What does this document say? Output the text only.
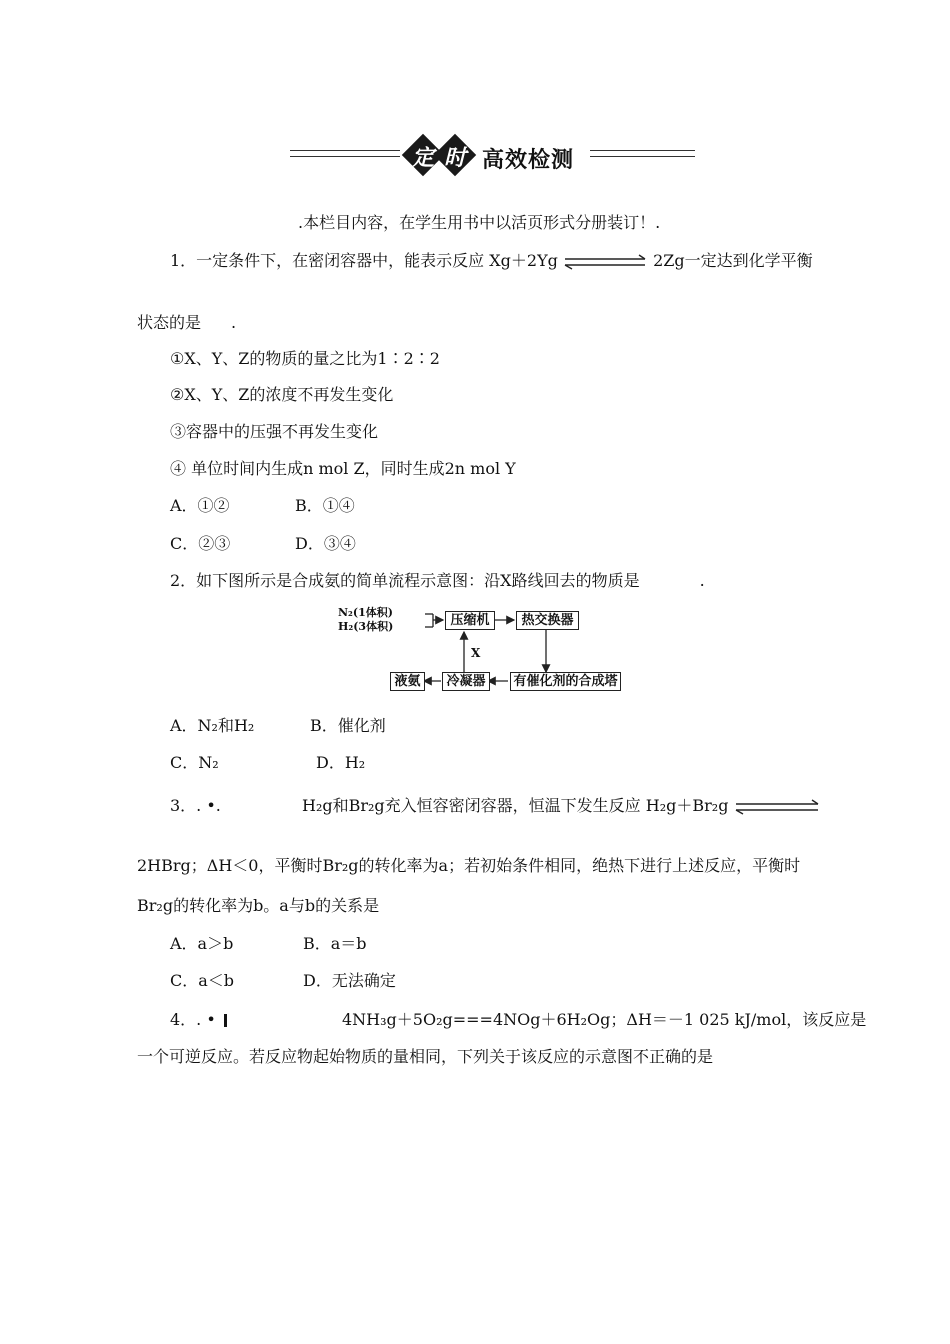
定 时 高效检测
.本栏目内容，在学生用书中以活页形式分册装订！.
1．一定条件下，在密闭容器中，能表示反应 Xg＋2Yg	2Zg一定达到化学平衡
状态的是 .
①X、Y、Z的物质的量之比为1∶2∶2
②X、Y、Z的浓度不再发生变化
③容器中的压强不再发生变化
④ 单位时间内生成n mol Z，同时生成2n mol Y
A．①②	B．①④
C．②③	D．③④
2．如下图所示是合成氨的简单流程示意图：沿X路线回去的物质是	.
N₂(1体积)
H₂(3体积)	压缩机	热交换器
有催化剂的合成塔
冷凝器
液氨
X
A．N₂和H₂	B．催化剂
C．N₂	D．H₂
3．. •.	H₂g和Br₂g充入恒容密闭容器，恒温下发生反应 H₂g＋Br₂g
2HBrg；ΔH＜0，平衡时Br₂g的转化率为a；若初始条件相同，绝热下进行上述反应，平衡时
Br₂g的转化率为b。a与b的关系是
A．a＞b	B．a＝b
C．a＜b	D．无法确定
4．. •	4NH₃g＋5O₂g===4NOg＋6H₂Og；ΔH＝－1 025 kJ/mol，该反应是
一个可逆反应。若反应物起始物质的量相同，下列关于该反应的示意图不正确的是
